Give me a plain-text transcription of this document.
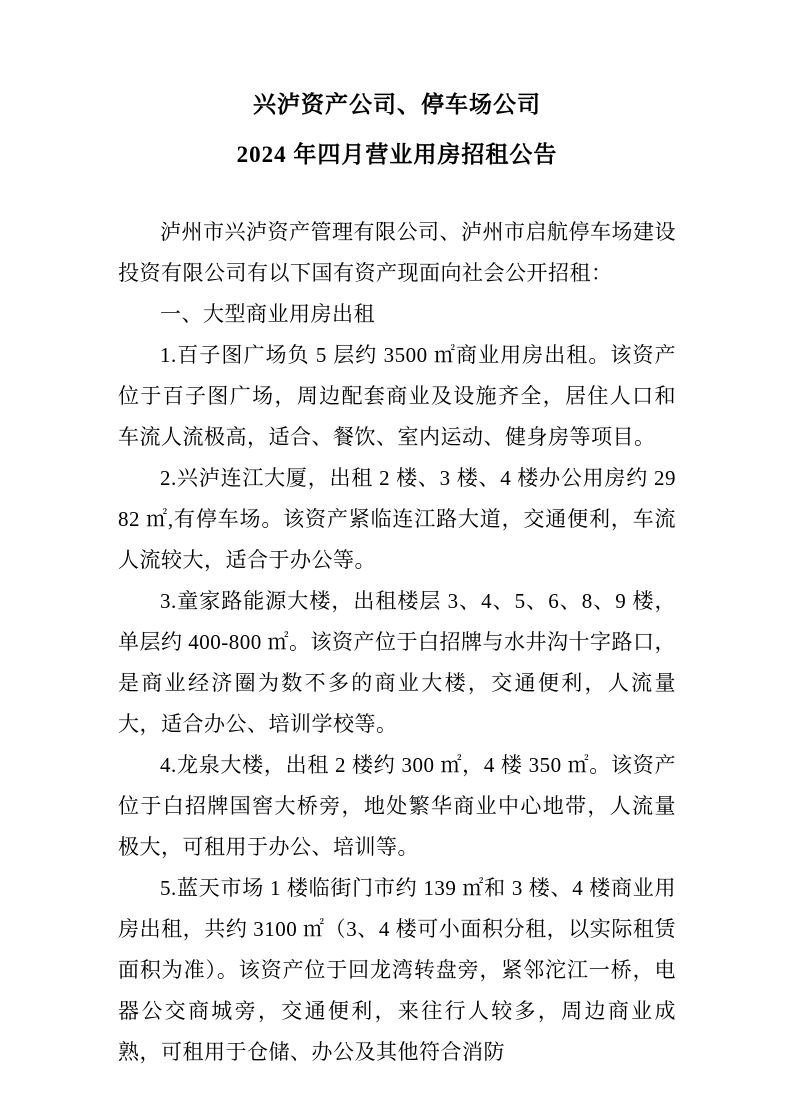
兴泸资产公司、停车场公司
2024 年四月营业用房招租公告

泸州市兴泸资产管理有限公司、泸州市启航停车场建设投资有限公司有以下国有资产现面向社会公开招租：

一、大型商业用房出租

1.百子图广场负 5 层约 3500 ㎡商业用房出租。该资产位于百子图广场，周边配套商业及设施齐全，居住人口和车流人流极高，适合、餐饮、室内运动、健身房等项目。

2.兴泸连江大厦，出租 2 楼、3 楼、4 楼办公用房约 2982 ㎡,有停车场。该资产紧临连江路大道，交通便利，车流人流较大，适合于办公等。

3.童家路能源大楼，出租楼层 3、4、5、6、8、9 楼，单层约 400-800 ㎡。该资产位于白招牌与水井沟十字路口，是商业经济圈为数不多的商业大楼，交通便利，人流量大，适合办公、培训学校等。

4.龙泉大楼，出租 2 楼约 300 ㎡，4 楼 350 ㎡。该资产位于白招牌国窖大桥旁，地处繁华商业中心地带，人流量极大，可租用于办公、培训等。

5.蓝天市场 1 楼临街门市约 139 ㎡和 3 楼、4 楼商业用房出租，共约 3100 ㎡（3、4 楼可小面积分租，以实际租赁面积为准）。该资产位于回龙湾转盘旁，紧邻沱江一桥，电器公交商城旁，交通便利，来往行人较多，周边商业成熟，可租用于仓储、办公及其他符合消防
